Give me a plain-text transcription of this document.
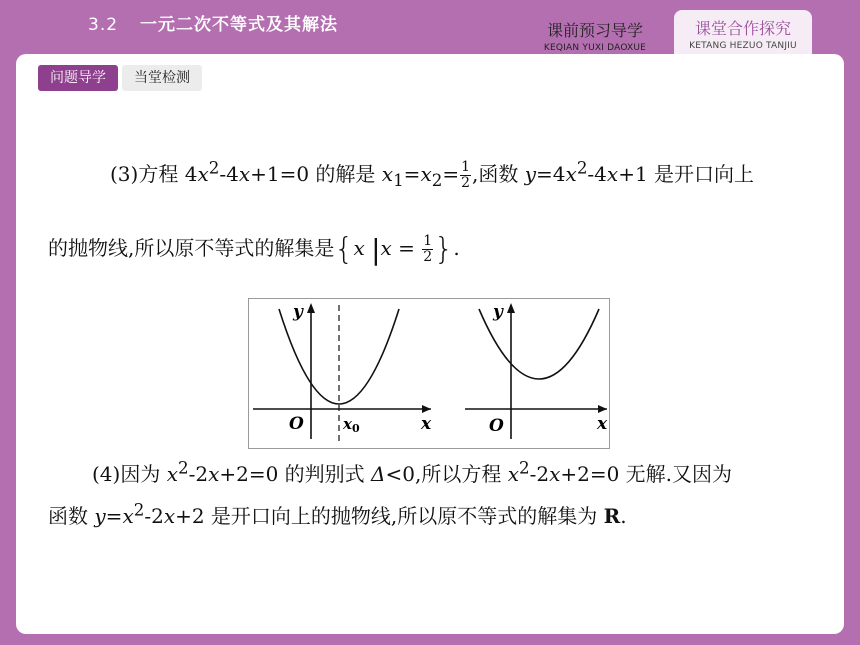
3.2 一元二次不等式及其解法	课前预习导学
KEQIAN YUXI DAOXUE
课堂合作探究
KETANG HEZUO TANJIU
问题导学 当堂检测
(3)方程 $4x^2-4x+1=0$ 的解是 $x_1=x_2= \frac{1}{2}$ ,函数 $y=4x^2-4x+1$ 是开口向上
的抛物线,所以原不等式的解集是{x $|x = \frac{1}{2}$ }.
y
x
O	$x_0$
y
x
O
(4)因为 $x^2-2x+2=0$ 的判别式 Δ<0,所以方程 $x^2-2x+2=0$ 无解.又因为
函数 $y=x^2-2x+2$ 是开口向上的抛物线,所以原不等式的解集为 R.
